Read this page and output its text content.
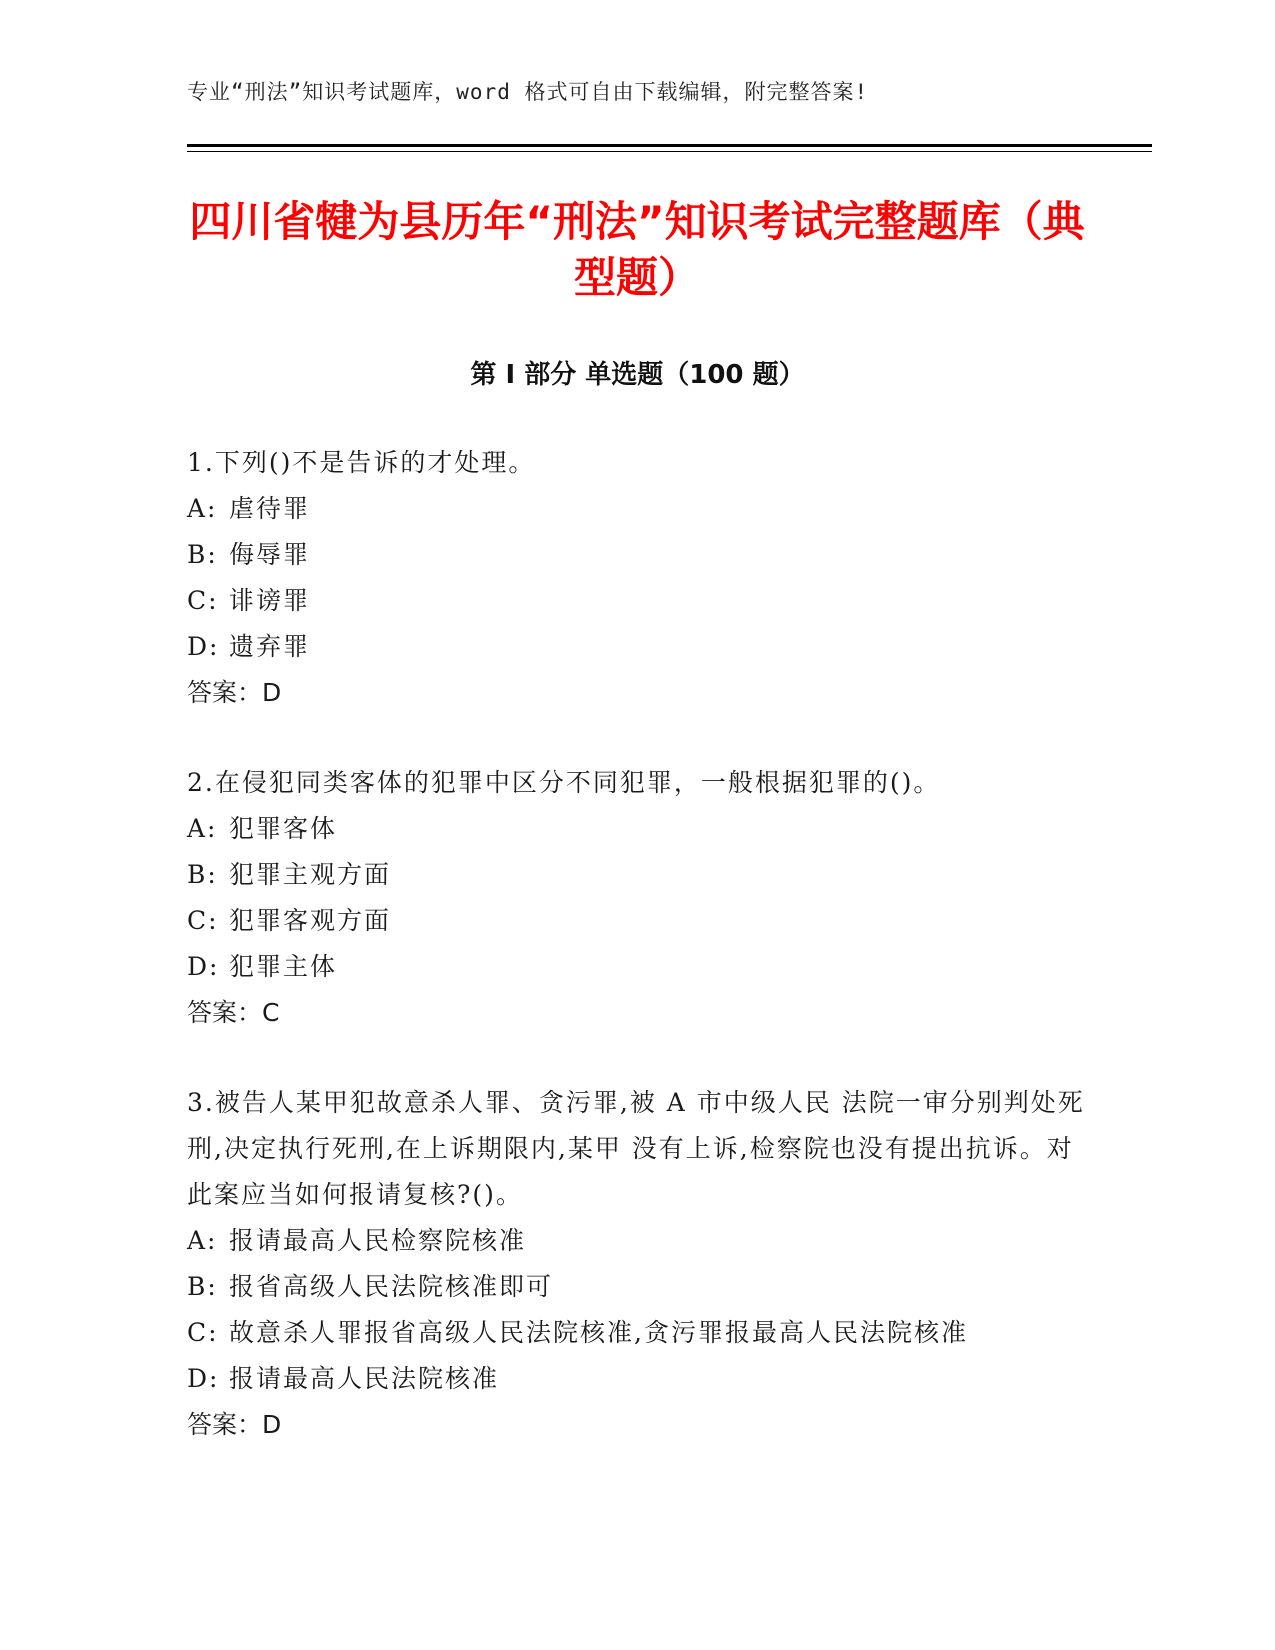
专业“刑法”知识考试题库，word 格式可自由下载编辑，附完整答案!
四川省犍为县历年“刑法”知识考试完整题库（典型题）
第 I 部分 单选题（100 题）

1.下列()不是告诉的才处理。

A: 虐待罪
B: 侮辱罪
C: 诽谤罪
D: 遗弃罪

答案：D

2.在侵犯同类客体的犯罪中区分不同犯罪，一般根据犯罪的()。

A: 犯罪客体
B: 犯罪主观方面
C: 犯罪客观方面
D: 犯罪主体

答案：C

3.被告人某甲犯故意杀人罪、贪污罪,被 A 市中级人民 法院一审分别判处死刑,决定执行死刑,在上诉期限内,某甲 没有上诉,检察院也没有提出抗诉。对此案应当如何报请复核?()。

A: 报请最高人民检察院核准
B: 报省高级人民法院核准即可
C: 故意杀人罪报省高级人民法院核准,贪污罪报最高人民法院核准
D: 报请最高人民法院核准

答案：D
